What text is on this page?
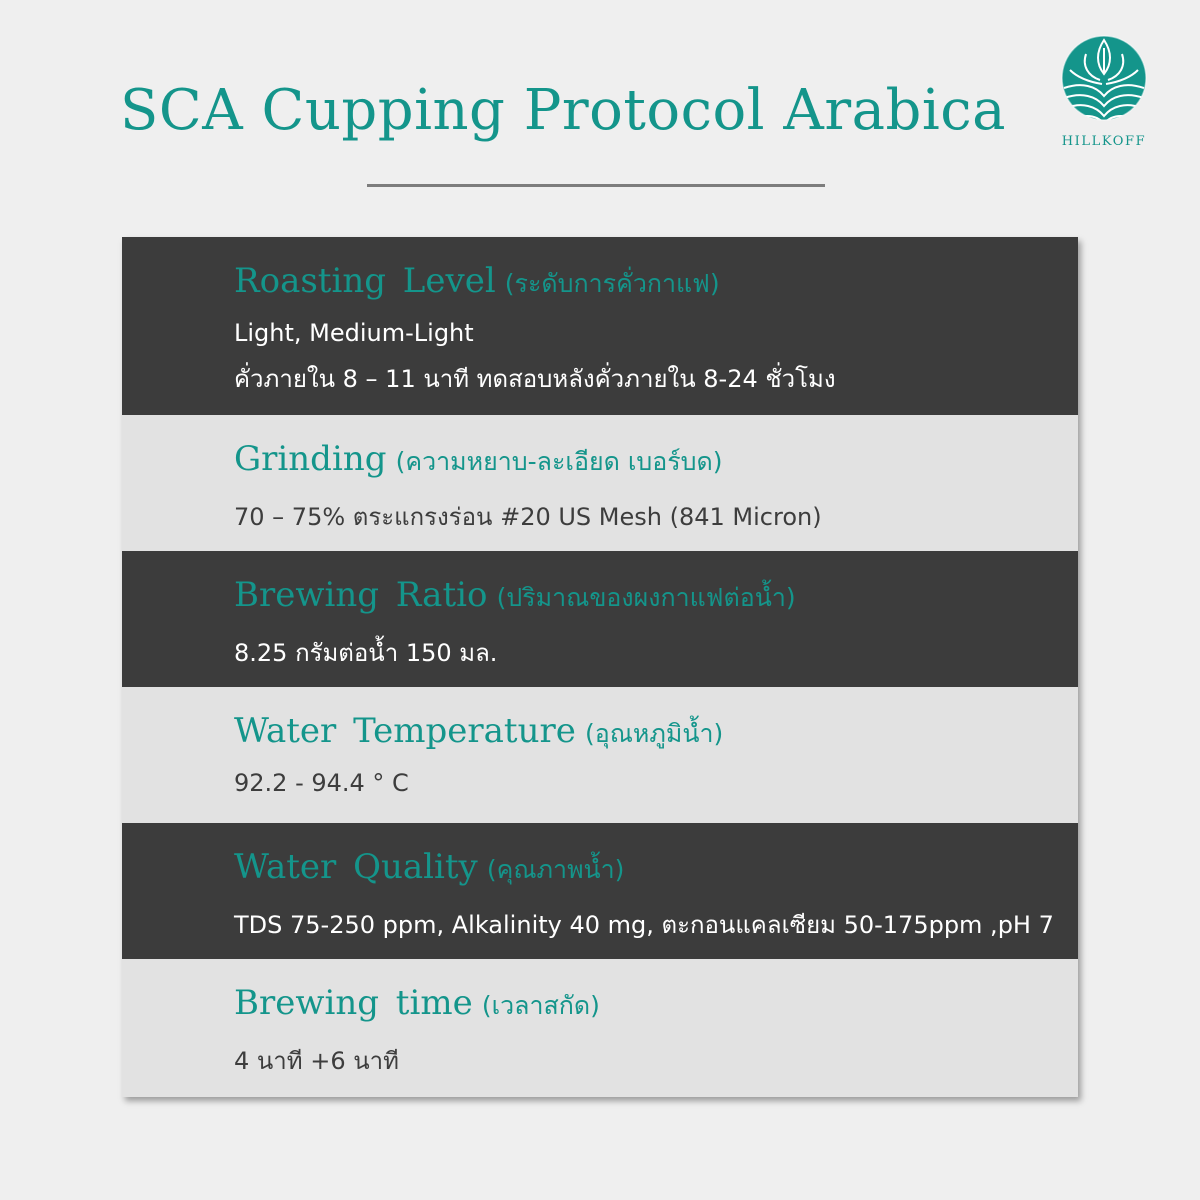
SCA Cupping Protocol Arabica	HILLKOFF
Roasting Level (ระดับการคั่วกาแฟ)
Light, Medium-Light
คั่วภายใน 8 – 11 นาที ทดสอบหลังคั่วภายใน 8-24 ชั่วโมง
Grinding (ความหยาบ-ละเอียด เบอร์บด)
70 – 75% ตระแกรงร่อน #20 US Mesh (841 Micron)
Brewing Ratio (ปริมาณของผงกาแฟต่อน้ำ)
8.25 กรัมต่อน้ำ 150 มล.
Water Temperature (อุณหภูมิน้ำ)
92.2 - 94.4 ° C
Water Quality (คุณภาพน้ำ)
TDS 75-250 ppm, Alkalinity 40 mg, ตะกอนแคลเซียม 50-175ppm ,pH 7
Brewing time (เวลาสกัด)
4 นาที +6 นาที
